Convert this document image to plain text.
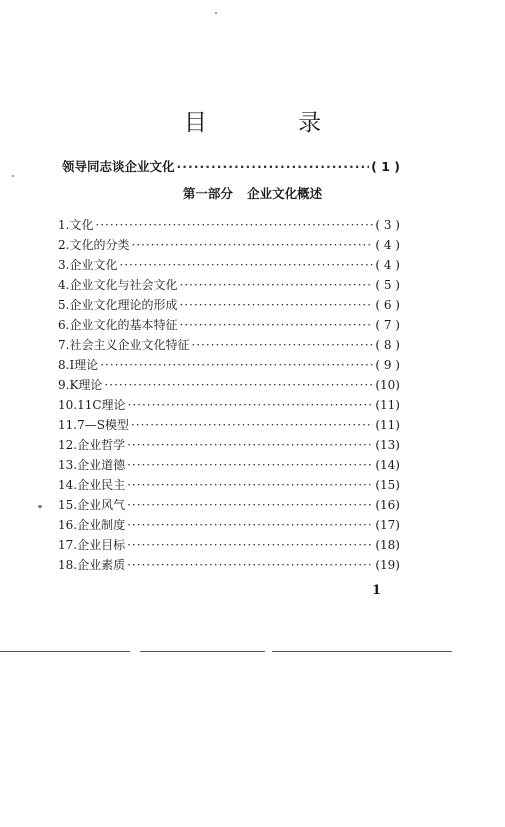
目 录
领导同志谈企业文化 ·····	( 1 )
第一部分 企业文化概述
1.文化 ·····	( 3 )
2.文化的分类 ·····	( 4 )
3.企业文化 ·····	( 4 )
4.企业文化与社会文化 ·····	( 5 )
5.企业文化理论的形成 ·····	( 6 )
6.企业文化的基本特征 ·····	( 7 )
7.社会主义企业文化特征 ·····	( 8 )
8.Ⅰ理论 ·····	( 9 )
9.K理论 ·····	(10)
10.11C理论 ·····	(11)
11.7—S模型 ·····	(11)
12.企业哲学 ·····	(13)
13.企业道德 ·····	(14)
14.企业民主 ·····	(15)
15.企业风气 ·····	(16)
16.企业制度 ·····	(17)
17.企业目标 ·····	(18)
18.企业素质 ·····	(19)
1
